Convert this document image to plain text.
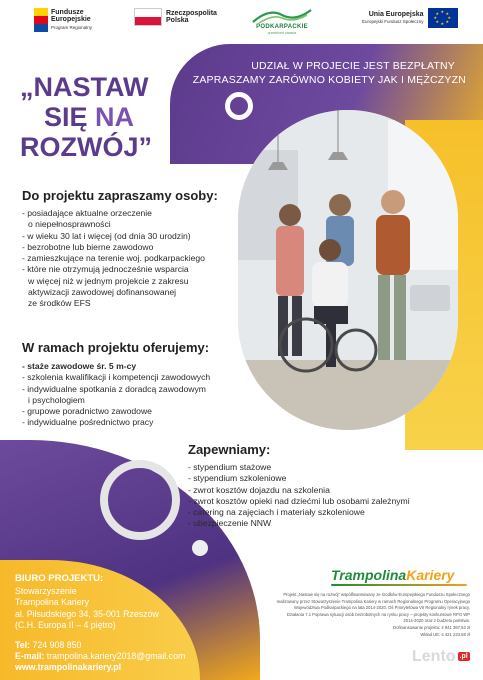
Fundusze
Europejskie
Program Regionalny
Rzeczpospolita
Polska
PODKARPACKIE
przestrzeń otwarta
Unia Europejska
Europejski Fundusz Społeczny
★ ★
★
★
★
★
★
★
UDZIAŁ W PROJECIE JEST BEZPŁATNY
ZAPRASZAMY ZARÓWNO KOBIETY JAK I MĘŻCZYZN
„NASTAW
SIĘ NA
ROZWÓJ”
Do projektu zapraszamy osoby:
- posiadające aktualne orzeczenie
o niepełnosprawności
- w wieku 30 lat i więcej (od dnia 30 urodzin)
- bezrobotne lub bierne zawodowo
- zamieszkujące na terenie woj. podkarpackiego
- które nie otrzymują jednocześnie wsparcia
w więcej niż w jednym projekcie z zakresu
aktywizacji zawodowej dofinansowanej
ze środków EFS
W ramach projektu oferujemy:
- staże zawodowe śr. 5 m-cy
- szkolenia kwalifikacji i kompetencji zawodowych
- indywidualne spotkania z doradcą zawodowym
i psychologiem
- grupowe poradnictwo zawodowe
- indywidualne pośrednictwo pracy
Zapewniamy:
- stypendium stażowe
- stypendium szkoleniowe
- zwrot kosztów dojazdu na szkolenia
- zwrot kosztów opieki nad dziećmi lub osobami zależnymi
- catering na zajęciach i materiały szkoleniowe
- ubezpieczenie NNW
BIURO PROJEKTU:
Stowarzyszenie
Trampolina Kariery
al. Piłsudskiego 34, 35-001 Rzeszów
(C.H. Europa II – 4 piętro)
Tel: 724 908 850
E-mail: trampolina.kariery2018@gmail.com
www.trampolinakariery.pl
TrampolinaKariery
Projekt „Nastaw się na rozwój” współfinansowany ze środków Europejskiego Funduszu Społecznego
realizowany przez Stowarzyszenie Trampolina Kariery w ramach Regionalnego Programu Operacyjnego
Województwa Podkarpackiego na lata 2014-2020. Oś Priorytetowa VII Regionalny rynek pracy,
Działania 7.1 Poprawa sytuacji osób bezrobotnych na rynku pracy – projekty konkursowe RPO WP
2014-2020 oraz z budżetu państwa.
Dofinansowanie projektu: 4 941 367,53 zł
Wkład UE: 4 421 223,58 zł
Lento .pl
